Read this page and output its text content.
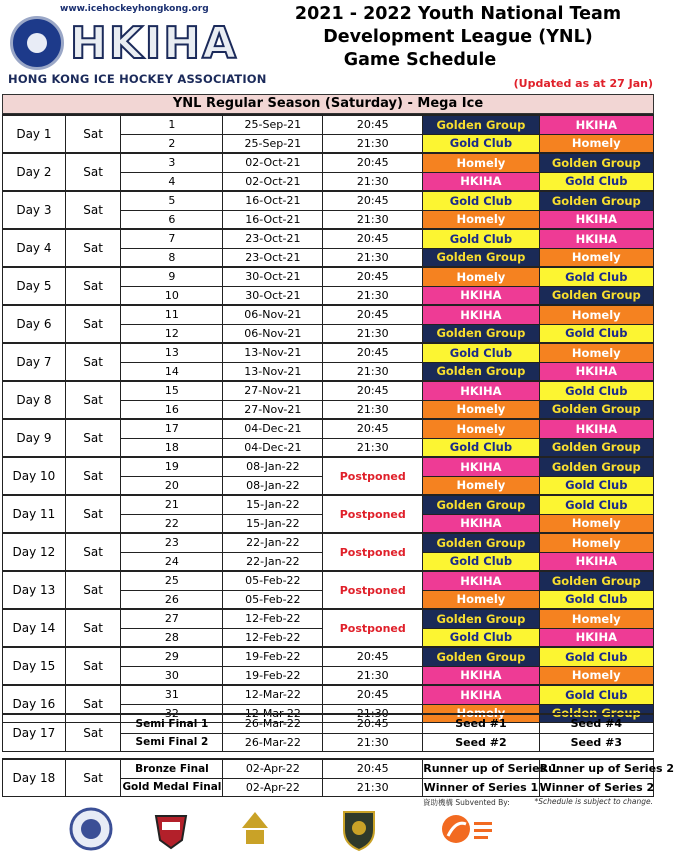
www.icehockeyhongkong.org
HKIHA
HONG KONG ICE HOCKEY ASSOCIATION
2021 - 2022 Youth National Team
Development League (YNL)
Game Schedule
(Updated as at 27 Jan)
YNL Regular Season (Saturday) - Mega Ice
Day 1	Sat	1	25-Sep-21	20:45	Golden Group	HKIHA
		2	25-Sep-21	21:30	Gold Club	Homely
Day 2	Sat	3	02-Oct-21	20:45	Homely	Golden Group
		4	02-Oct-21	21:30	HKIHA	Gold Club
Day 3	Sat	5	16-Oct-21	20:45	Gold Club	Golden Group
		6	16-Oct-21	21:30	Homely	HKIHA
Day 4	Sat	7	23-Oct-21	20:45	Gold Club	HKIHA
		8	23-Oct-21	21:30	Golden Group	Homely
Day 5	Sat	9	30-Oct-21	20:45	Homely	Gold Club
		10	30-Oct-21	21:30	HKIHA	Golden Group
Day 6	Sat	11	06-Nov-21	20:45	HKIHA	Homely
		12	06-Nov-21	21:30	Golden Group	Gold Club
Day 7	Sat	13	13-Nov-21	20:45	Gold Club	Homely
		14	13-Nov-21	21:30	Golden Group	HKIHA
Day 8	Sat	15	27-Nov-21	20:45	HKIHA	Gold Club
		16	27-Nov-21	21:30	Homely	Golden Group
Day 9	Sat	17	04-Dec-21	20:45	Homely	HKIHA
		18	04-Dec-21	21:30	Gold Club	Golden Group
Day 10	Sat	19	08-Jan-22	Postponed	HKIHA	Golden Group
		20	08-Jan-22		Homely	Gold Club
Day 11	Sat	21	15-Jan-22	Postponed	Golden Group	Gold Club
		22	15-Jan-22		HKIHA	Homely
Day 12	Sat	23	22-Jan-22	Postponed	Golden Group	Homely
		24	22-Jan-22		Gold Club	HKIHA
Day 13	Sat	25	05-Feb-22	Postponed	HKIHA	Golden Group
		26	05-Feb-22		Homely	Gold Club
Day 14	Sat	27	12-Feb-22	Postponed	Golden Group	Homely
		28	12-Feb-22		Gold Club	HKIHA
Day 15	Sat	29	19-Feb-22	20:45	Golden Group	Gold Club
		30	19-Feb-22	21:30	HKIHA	Homely
Day 16	Sat	31	12-Mar-22	20:45	HKIHA	Gold Club
		32	12-Mar-22	21:30	Homely	Golden Group
Day 17	Sat	Semi Final 1	26-Mar-22	20:45	Seed #1	Seed #4
		Semi Final 2	26-Mar-22	21:30	Seed #2	Seed #3

Day 18	Sat	Bronze Final	02-Apr-22	20:45	Runner up of Series 1	Runner up of Series 2
		Gold Medal Final	02-Apr-22	21:30	Winner of Series 1	Winner of Series 2
資助機構 Subvented By:	*Schedule is subject to change.
